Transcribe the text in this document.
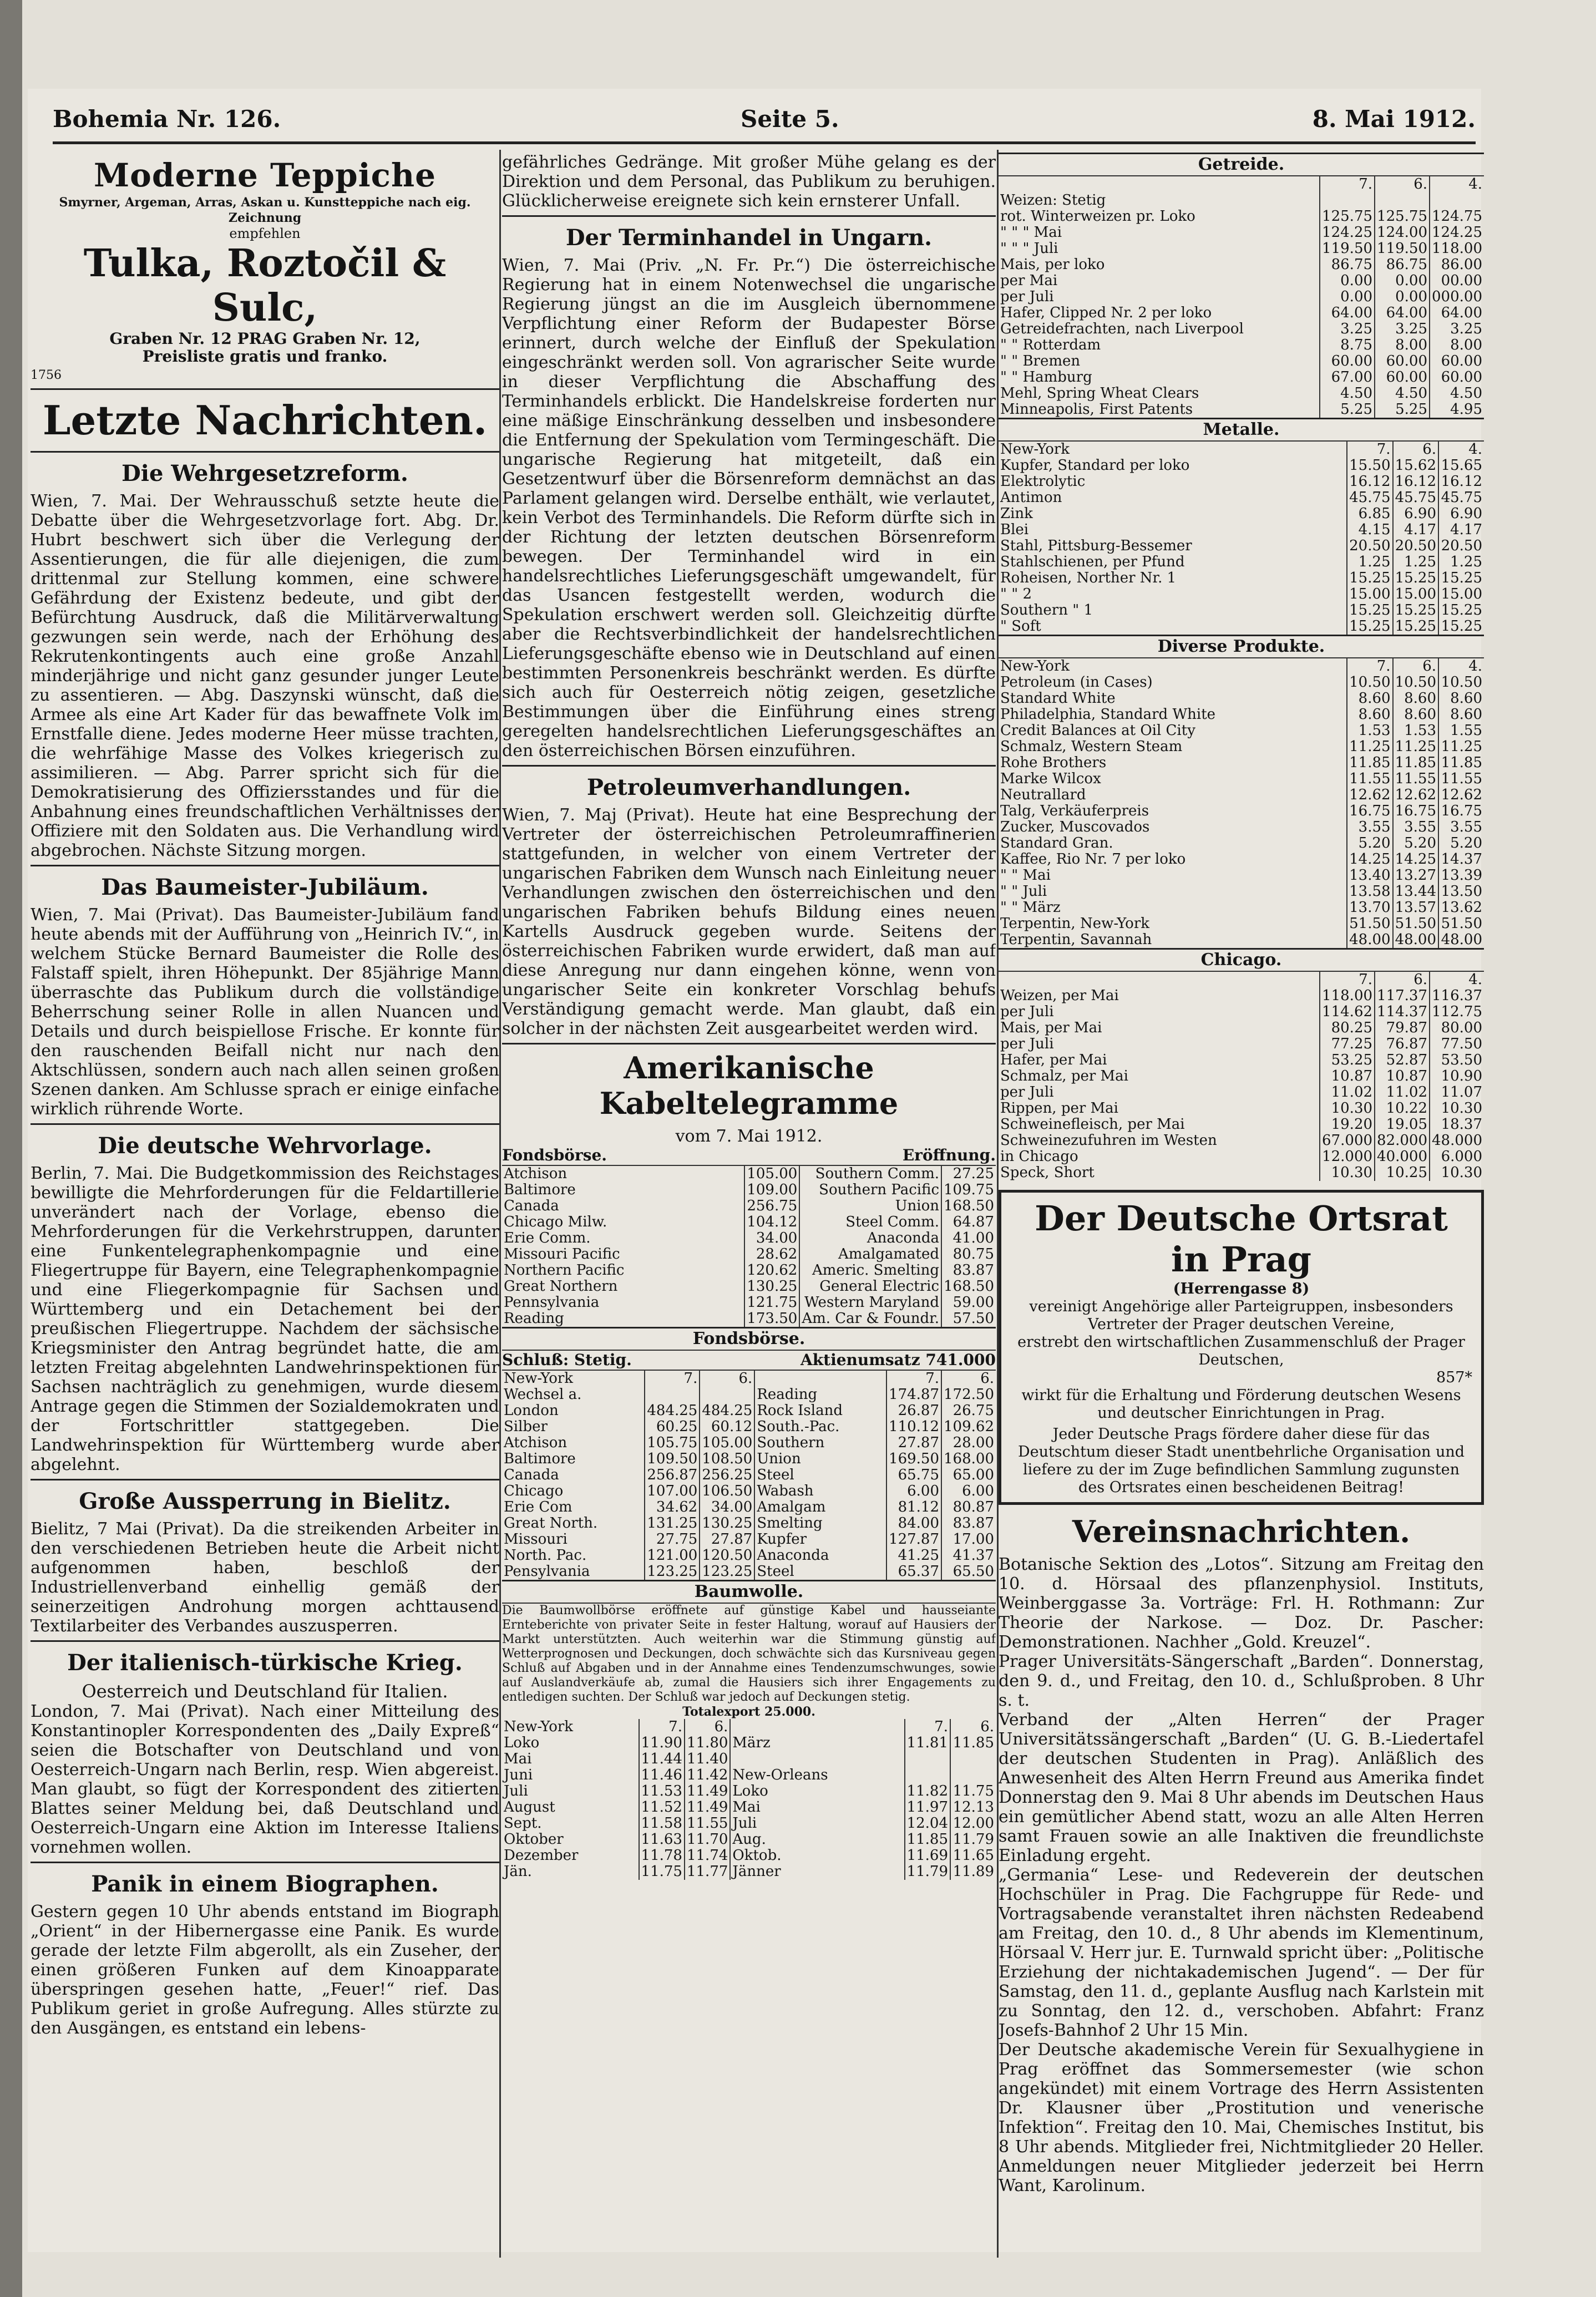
Bohemia Nr. 126.	Seite 5.	8. Mai 1912.
Moderne Teppiche
Smyrner, Argeman, Arras, Askan u. Kunstteppiche nach eig. Zeichnung
empfehlen
Tulka, Roztočil & Sulc,
Graben Nr. 12 PRAG Graben Nr. 12,
Preisliste gratis und franko.
1756
Letzte Nachrichten.
Die Wehrgesetzreform.

Wien, 7. Mai. Der Wehrausschuß setzte heute die Debatte über die Wehrgesetzvorlage fort. Abg. Dr. Hubrt beschwert sich über die Verlegung der Assentierungen, die für alle diejenigen, die zum drittenmal zur Stellung kommen, eine schwere Gefährdung der Existenz bedeute, und gibt der Befürchtung Ausdruck, daß die Militärverwaltung gezwungen sein werde, nach der Erhöhung des Rekrutenkontingents auch eine große Anzahl minderjährige und nicht ganz gesunder junger Leute zu assentieren. — Abg. Daszynski wünscht, daß die Armee als eine Art Kader für das bewaffnete Volk im Ernstfalle diene. Jedes moderne Heer müsse trachten, die wehrfähige Masse des Volkes kriegerisch zu assimilieren. — Abg. Parrer spricht sich für die Demokratisierung des Offiziersstandes und für die Anbahnung eines freundschaftlichen Verhältnisses der Offiziere mit den Soldaten aus. Die Verhandlung wird abgebrochen. Nächste Sitzung morgen.

Das Baumeister-Jubiläum.

Wien, 7. Mai (Privat). Das Baumeister-Jubiläum fand heute abends mit der Aufführung von „Heinrich IV.“, in welchem Stücke Bernard Baumeister die Rolle des Falstaff spielt, ihren Höhepunkt. Der 85jährige Mann überraschte das Publikum durch die vollständige Beherrschung seiner Rolle in allen Nuancen und Details und durch beispiellose Frische. Er konnte für den rauschenden Beifall nicht nur nach den Aktschlüssen, sondern auch nach allen seinen großen Szenen danken. Am Schlusse sprach er einige einfache wirklich rührende Worte.

Die deutsche Wehrvorlage.

Berlin, 7. Mai. Die Budgetkommission des Reichstages bewilligte die Mehrforderungen für die Feldartillerie unverändert nach der Vorlage, ebenso die Mehrforderungen für die Verkehrstruppen, darunter eine Funkentelegraphenkompagnie und eine Fliegertruppe für Bayern, eine Telegraphenkompagnie und eine Fliegerkompagnie für Sachsen und Württemberg und ein Detachement bei der preußischen Fliegertruppe. Nachdem der sächsische Kriegsminister den Antrag begründet hatte, die am letzten Freitag abgelehnten Landwehrinspektionen für Sachsen nachträglich zu genehmigen, wurde diesem Antrage gegen die Stimmen der Sozialdemokraten und der Fortschrittler stattgegeben. Die Landwehrinspektion für Württemberg wurde aber abgelehnt.

Große Aussperrung in Bielitz.

Bielitz, 7 Mai (Privat). Da die streikenden Arbeiter in den verschiedenen Betrieben heute die Arbeit nicht aufgenommen haben, beschloß der Industriellenverband einhellig gemäß der seinerzeitigen Androhung morgen achttausend Textilarbeiter des Verbandes auszusperren.

Der italienisch-türkische Krieg.
Oesterreich und Deutschland für Italien.

London, 7. Mai (Privat). Nach einer Mitteilung des Konstantinopler Korrespondenten des „Daily Expreß“ seien die Botschafter von Deutschland und von Oesterreich-Ungarn nach Berlin, resp. Wien abgereist. Man glaubt, so fügt der Korrespondent des zitierten Blattes seiner Meldung bei, daß Deutschland und Oesterreich-Ungarn eine Aktion im Interesse Italiens vornehmen wollen.

Panik in einem Biographen.

Gestern gegen 10 Uhr abends entstand im Biograph „Orient“ in der Hibernergasse eine Panik. Es wurde gerade der letzte Film abgerollt, als ein Zuseher, der einen größeren Funken auf dem Kinoapparate überspringen gesehen hatte, „Feuer!“ rief. Das Publikum geriet in große Aufregung. Alles stürzte zu den Ausgängen, es entstand ein lebens-

gefährliches Gedränge. Mit großer Mühe gelang es der Direktion und dem Personal, das Publikum zu beruhigen. Glücklicherweise ereignete sich kein ernsterer Unfall.

Der Terminhandel in Ungarn.

Wien, 7. Mai (Priv. „N. Fr. Pr.“) Die österreichische Regierung hat in einem Notenwechsel die ungarische Regierung jüngst an die im Ausgleich übernommene Verpflichtung einer Reform der Budapester Börse erinnert, durch welche der Einfluß der Spekulation eingeschränkt werden soll. Von agrarischer Seite wurde in dieser Verpflichtung die Abschaffung des Terminhandels erblickt. Die Handelskreise forderten nur eine mäßige Einschränkung desselben und insbesondere die Entfernung der Spekulation vom Termingeschäft. Die ungarische Regierung hat mitgeteilt, daß ein Gesetzentwurf über die Börsenreform demnächst an das Parlament gelangen wird. Derselbe enthält, wie verlautet, kein Verbot des Terminhandels. Die Reform dürfte sich in der Richtung der letzten deutschen Börsenreform bewegen. Der Terminhandel wird in ein handelsrechtliches Lieferungsgeschäft umgewandelt, für das Usancen festgestellt werden, wodurch die Spekulation erschwert werden soll. Gleichzeitig dürfte aber die Rechtsverbindlichkeit der handelsrechtlichen Lieferungsgeschäfte ebenso wie in Deutschland auf einen bestimmten Personenkreis beschränkt werden. Es dürfte sich auch für Oesterreich nötig zeigen, gesetzliche Bestimmungen über die Einführung eines streng geregelten handelsrechtlichen Lieferungsgeschäftes an den österreichischen Börsen einzuführen.

Petroleumverhandlungen.

Wien, 7. Maj (Privat). Heute hat eine Besprechung der Vertreter der österreichischen Petroleumraffinerien stattgefunden, in welcher von einem Vertreter der ungarischen Fabriken dem Wunsch nach Einleitung neuer Verhandlungen zwischen den österreichischen und den ungarischen Fabriken behufs Bildung eines neuen Kartells Ausdruck gegeben wurde. Seitens der österreichischen Fabriken wurde erwidert, daß man auf diese Anregung nur dann eingehen könne, wenn von ungarischer Seite ein konkreter Vorschlag behufs Verständigung gemacht werde. Man glaubt, daß ein solcher in der nächsten Zeit ausgearbeitet werden wird.

Amerikanische Kabeltelegramme
vom 7. Mai 1912.
Fondsbörse.	Eröffnung.
Atchison	105.00	Southern Comm.	27.25
Baltimore	109.00	Southern Pacific	109.75
Canada	256.75	Union	168.50
Chicago Milw.	104.12	Steel Comm.	64.87
Erie Comm.	34.00	Anaconda	41.00
Missouri Pacific	28.62	Amalgamated	80.75
Northern Pacific	120.62	Americ. Smelting	83.87
Great Northern	130.25	General Electric	168.50
Pennsylvania	121.75	Western Maryland	59.00
Reading	173.50	Am. Car & Foundr.	57.50
Fondsbörse.
Schluß: Stetig.	Aktienumsatz 741.000
New-York	7.	6.		7.	6.
Wechsel a.			Reading	174.87	172.50
London	484.25	484.25	Rock Island	26.87	26.75
Silber	60.25	60.12	South.-Pac.	110.12	109.62
Atchison	105.75	105.00	Southern	27.87	28.00
Baltimore	109.50	108.50	Union	169.50	168.00
Canada	256.87	256.25	Steel	65.75	65.00
Chicago	107.00	106.50	Wabash	6.00	6.00
Erie Com	34.62	34.00	Amalgam	81.12	80.87
Great North.	131.25	130.25	Smelting	84.00	83.87
Missouri	27.75	27.87	Kupfer	127.87	17.00
North. Pac.	121.00	120.50	Anaconda	41.25	41.37
Pensylvania	123.25	123.25	Steel	65.37	65.50
Baumwolle.

Die Baumwollbörse eröffnete auf günstige Kabel und hausseiante Ernteberichte von privater Seite in fester Haltung, worauf auf Hausiers der Markt unterstützten. Auch weiterhin war die Stimmung günstig auf Wetterprognosen und Deckungen, doch schwächte sich das Kursniveau gegen Schluß auf Abgaben und in der Annahme eines Tendenzumschwunges, sowie auf Auslandverkäufe ab, zumal die Hausiers sich ihrer Engagements zu entledigen suchten. Der Schluß war jedoch auf Deckungen stetig.

Totalexport 25.000.
New-York	7.	6.		7.	6.
Loko	11.90	11.80	März	11.81	11.85
Mai	11.44	11.40			
Juni	11.46	11.42	New-Orleans		
Juli	11.53	11.49	Loko	11.82	11.75
August	11.52	11.49	Mai	11.97	12.13
Sept.	11.58	11.55	Juli	12.04	12.00
Oktober	11.63	11.70	Aug.	11.85	11.79
Dezember	11.78	11.74	Oktob.	11.69	11.65
Jän.	11.75	11.77	Jänner	11.79	11.89
Getreide.
	7.	6.	4.
Weizen: Stetig			
rot. Winterweizen pr. Loko	125.75	125.75	124.75
" " " Mai	124.25	124.00	124.25
" " " Juli	119.50	119.50	118.00
Mais, per loko	86.75	86.75	86.00
per Mai	0.00	0.00	00.00
per Juli	0.00	0.00	000.00
Hafer, Clipped Nr. 2 per loko	64.00	64.00	64.00
Getreidefrachten, nach Liverpool	3.25	3.25	3.25
" " Rotterdam	8.75	8.00	8.00
" " Bremen	60.00	60.00	60.00
" " Hamburg	67.00	60.00	60.00
Mehl, Spring Wheat Clears	4.50	4.50	4.50
Minneapolis, First Patents	5.25	5.25	4.95
Metalle.
New-York	7.	6.	4.
Kupfer, Standard per loko	15.50	15.62	15.65
Elektrolytic	16.12	16.12	16.12
Antimon	45.75	45.75	45.75
Zink	6.85	6.90	6.90
Blei	4.15	4.17	4.17
Stahl, Pittsburg-Bessemer	20.50	20.50	20.50
Stahlschienen, per Pfund	1.25	1.25	1.25
Roheisen, Norther Nr. 1	15.25	15.25	15.25
" " 2	15.00	15.00	15.00
Southern " 1	15.25	15.25	15.25
" Soft	15.25	15.25	15.25
Diverse Produkte.
New-York	7.	6.	4.
Petroleum (in Cases)	10.50	10.50	10.50
Standard White	8.60	8.60	8.60
Philadelphia, Standard White	8.60	8.60	8.60
Credit Balances at Oil City	1.53	1.53	1.55
Schmalz, Western Steam	11.25	11.25	11.25
Rohe Brothers	11.85	11.85	11.85
Marke Wilcox	11.55	11.55	11.55
Neutrallard	12.62	12.62	12.62
Talg, Verkäuferpreis	16.75	16.75	16.75
Zucker, Muscovados	3.55	3.55	3.55
Standard Gran.	5.20	5.20	5.20
Kaffee, Rio Nr. 7 per loko	14.25	14.25	14.37
" " Mai	13.40	13.27	13.39
" " Juli	13.58	13.44	13.50
" " März	13.70	13.57	13.62
Terpentin, New-York	51.50	51.50	51.50
Terpentin, Savannah	48.00	48.00	48.00
Chicago.
	7.	6.	4.
Weizen, per Mai	118.00	117.37	116.37
per Juli	114.62	114.37	112.75
Mais, per Mai	80.25	79.87	80.00
per Juli	77.25	76.87	77.50
Hafer, per Mai	53.25	52.87	53.50
Schmalz, per Mai	10.87	10.87	10.90
per Juli	11.02	11.02	11.07
Rippen, per Mai	10.30	10.22	10.30
Schweinefleisch, per Mai	19.20	19.05	18.37
Schweinezufuhren im Westen	67.000	82.000	48.000
in Chicago	12.000	40.000	6.000
Speck, Short	10.30	10.25	10.30
Der Deutsche Ortsrat in Prag

(Herrengasse 8)

vereinigt Angehörige aller Parteigruppen, insbesonders Vertreter der Prager deutschen Vereine,

erstrebt den wirtschaftlichen Zusammenschluß der Prager Deutschen,

857*

wirkt für die Erhaltung und Förderung deutschen Wesens und deutscher Einrichtungen in Prag.

Jeder Deutsche Prags fördere daher diese für das Deutschtum dieser Stadt unentbehrliche Organisation und liefere zu der im Zuge befindlichen Sammlung zugunsten des Ortsrates einen bescheidenen Beitrag!

Vereinsnachrichten.

Botanische Sektion des „Lotos“. Sitzung am Freitag den 10. d. Hörsaal des pflanzenphysiol. Instituts, Weinberggasse 3a. Vorträge: Frl. H. Rothmann: Zur Theorie der Narkose. — Doz. Dr. Pascher: Demonstrationen. Nachher „Gold. Kreuzel“.

Prager Universitäts-Sängerschaft „Barden“. Donnerstag, den 9. d., und Freitag, den 10. d., Schlußproben. 8 Uhr s. t.

Verband der „Alten Herren“ der Prager Universitätssängerschaft „Barden“ (U. G. B.-Liedertafel der deutschen Studenten in Prag). Anläßlich des Anwesenheit des Alten Herrn Freund aus Amerika findet Donnerstag den 9. Mai 8 Uhr abends im Deutschen Haus ein gemütlicher Abend statt, wozu an alle Alten Herren samt Frauen sowie an alle Inaktiven die freundlichste Einladung ergeht.

„Germania“ Lese- und Redeverein der deutschen Hochschüler in Prag. Die Fachgruppe für Rede- und Vortragsabende veranstaltet ihren nächsten Redeabend am Freitag, den 10. d., 8 Uhr abends im Klementinum, Hörsaal V. Herr jur. E. Turnwald spricht über: „Politische Erziehung der nichtakademischen Jugend“. — Der für Samstag, den 11. d., geplante Ausflug nach Karlstein mit zu Sonntag, den 12. d., verschoben. Abfahrt: Franz Josefs-Bahnhof 2 Uhr 15 Min.

Der Deutsche akademische Verein für Sexualhygiene in Prag eröffnet das Sommersemester (wie schon angekündet) mit einem Vortrage des Herrn Assistenten Dr. Klausner über „Prostitution und venerische Infektion“. Freitag den 10. Mai, Chemisches Institut, bis 8 Uhr abends. Mitglieder frei, Nichtmitglieder 20 Heller. Anmeldungen neuer Mitglieder jederzeit bei Herrn Want, Karolinum.
